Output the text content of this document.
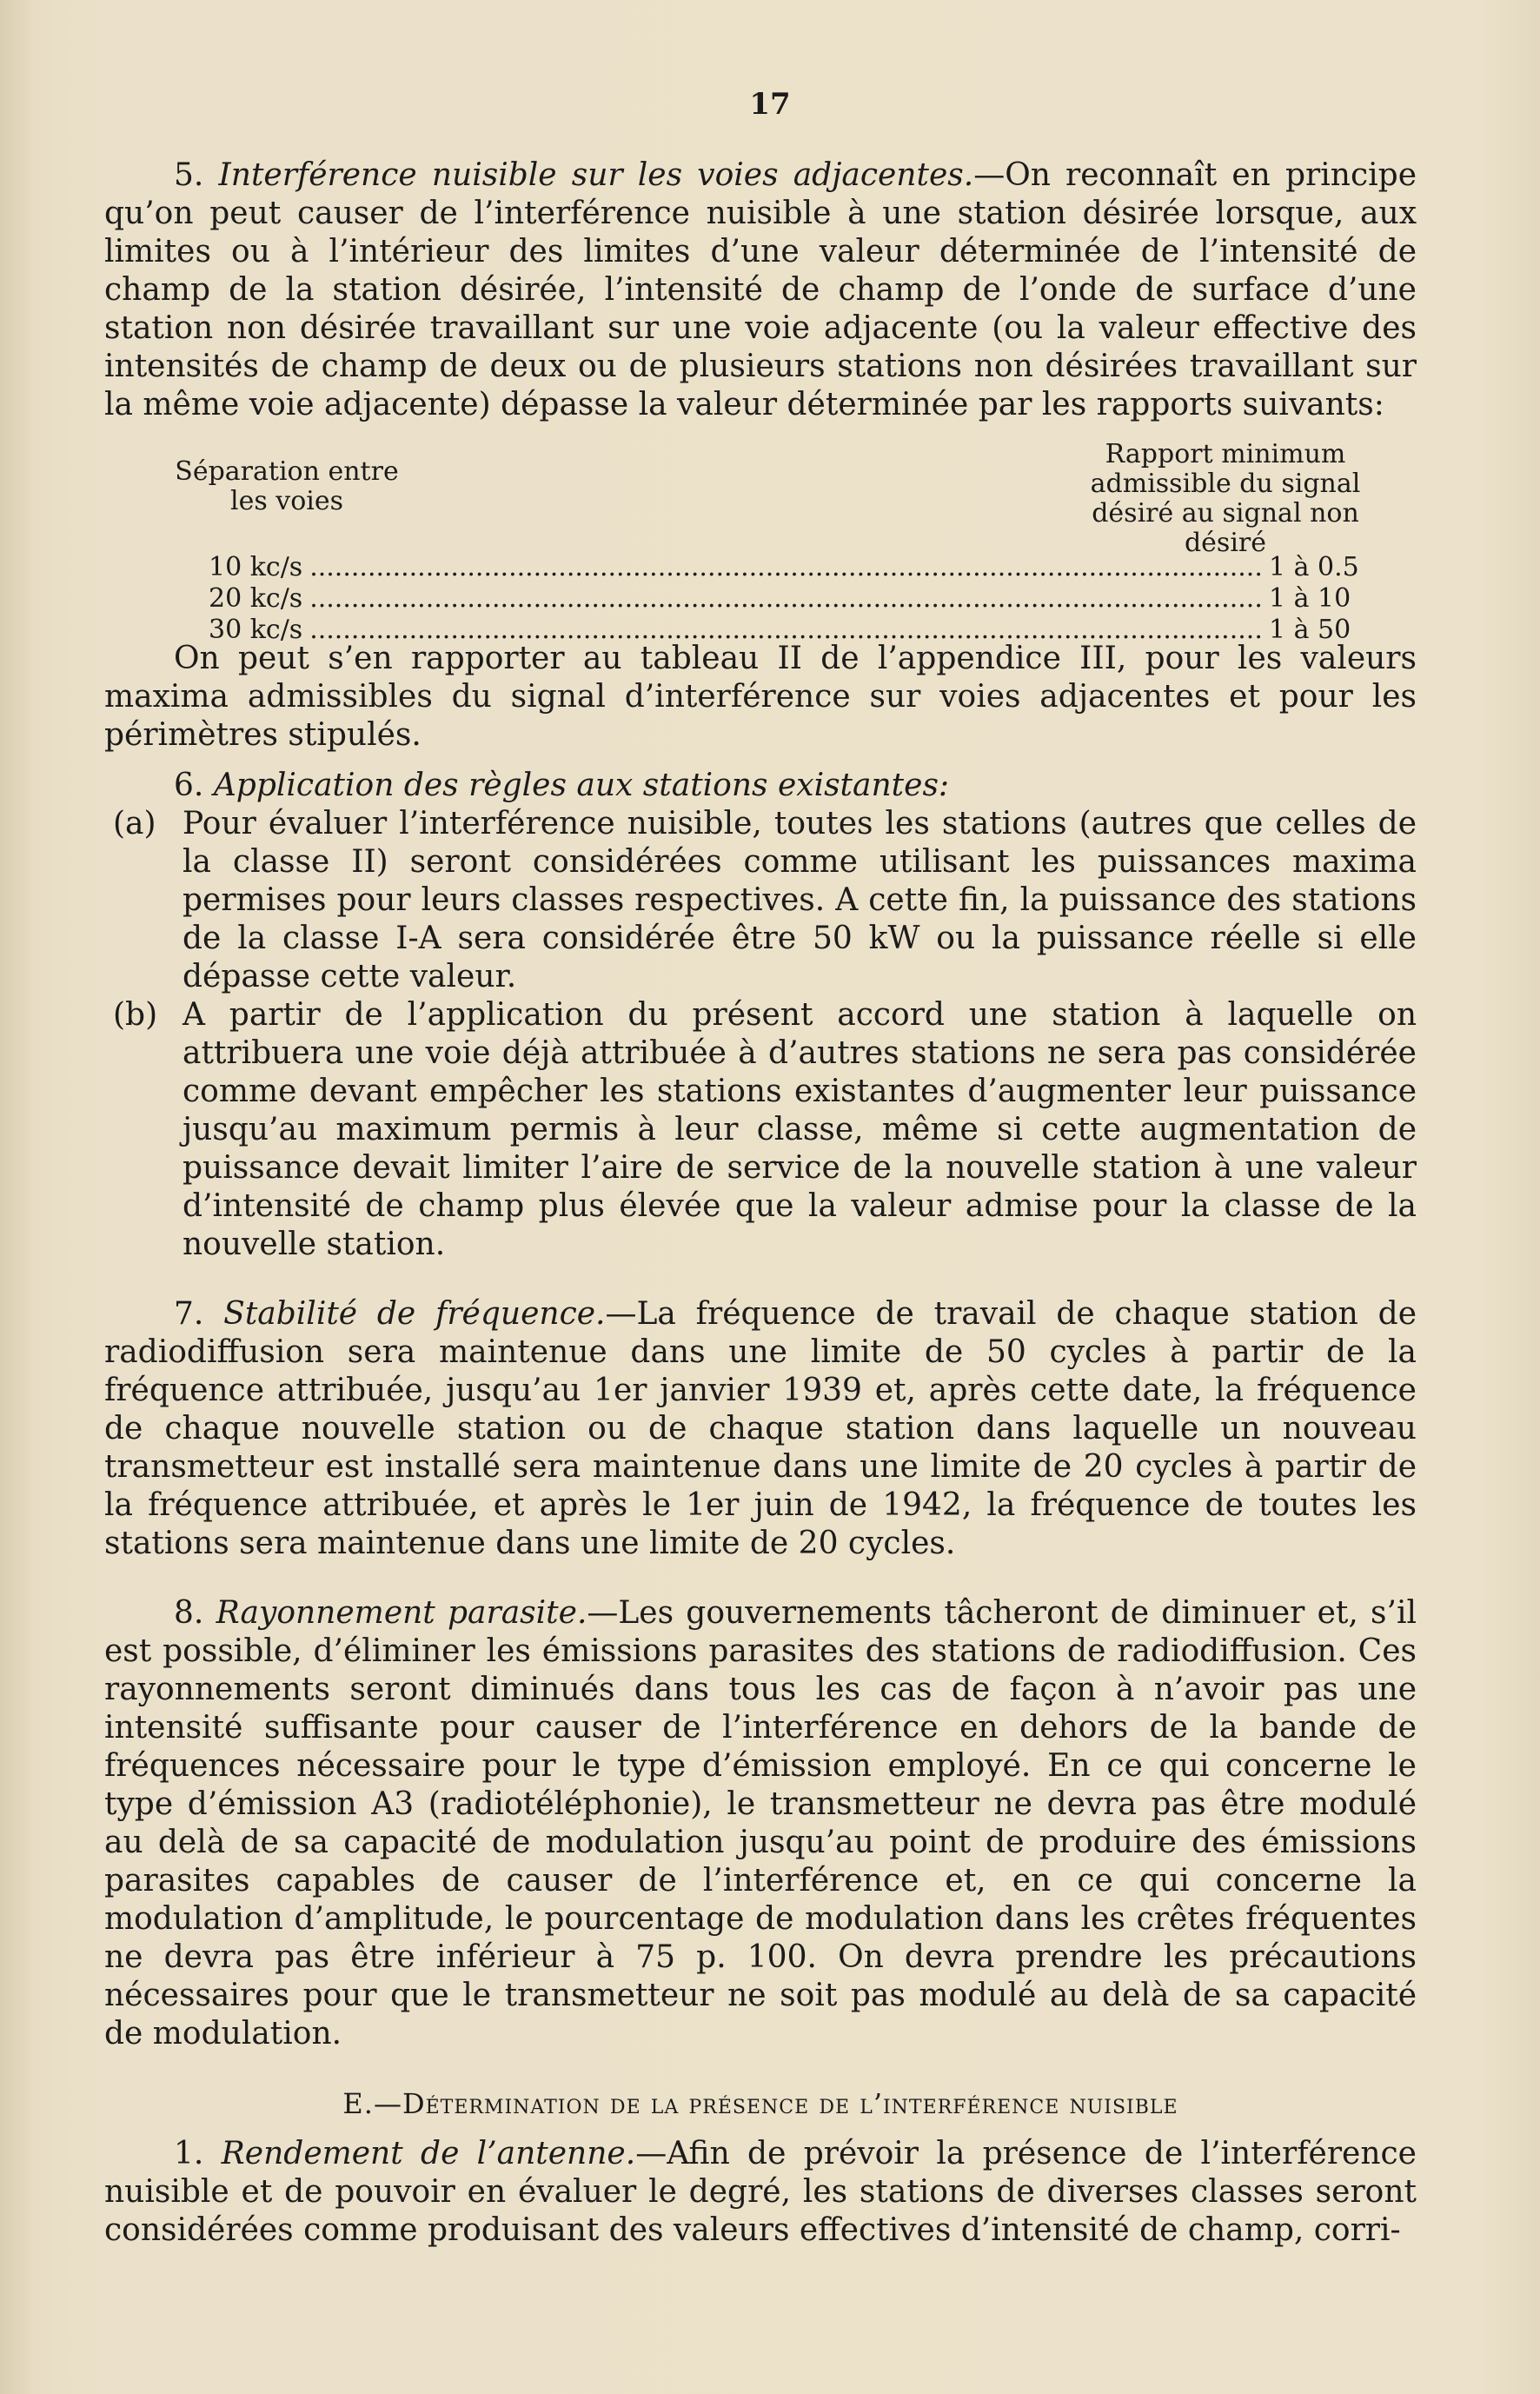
17

5. Interférence nuisible sur les voies adjacentes.—On reconnaît en principe qu’on peut causer de l’interférence nuisible à une station désirée lorsque, aux limites ou à l’intérieur des limites d’une valeur déterminée de l’intensité de champ de la station désirée, l’intensité de champ de l’onde de surface d’une station non désirée travaillant sur une voie adjacente (ou la valeur effective des intensités de champ de deux ou de plusieurs stations non désirées travaillant sur la même voie adjacente) dépasse la valeur déterminée par les rapports suivants:

Séparation entre
les voies
Rapport minimum
admissible du signal
désiré au signal non
désiré
10 kc/s .....	1 à 0.5
20 kc/s .....	1 à 10
30 kc/s .....	1 à 50

On peut s’en rapporter au tableau II de l’appendice III, pour les valeurs maxima admissibles du signal d’interférence sur voies adjacentes et pour les périmètres stipulés.

6. Application des règles aux stations existantes:

(a) Pour évaluer l’interférence nuisible, toutes les stations (autres que celles de la classe II) seront considérées comme utilisant les puissances maxima permises pour leurs classes respectives. A cette fin, la puissance des stations de la classe I-A sera considérée être 50 kW ou la puissance réelle si elle dépasse cette valeur.
(b) A partir de l’application du présent accord une station à laquelle on attribuera une voie déjà attribuée à d’autres stations ne sera pas considérée comme devant empêcher les stations existantes d’augmenter leur puissance jusqu’au maximum permis à leur classe, même si cette augmentation de puissance devait limiter l’aire de service de la nouvelle station à une valeur d’intensité de champ plus élevée que la valeur admise pour la classe de la nouvelle station.

7. Stabilité de fréquence.—La fréquence de travail de chaque station de radiodiffusion sera maintenue dans une limite de 50 cycles à partir de la fréquence attribuée, jusqu’au 1er janvier 1939 et, après cette date, la fréquence de chaque nouvelle station ou de chaque station dans laquelle un nouveau transmetteur est installé sera maintenue dans une limite de 20 cycles à partir de la fréquence attribuée, et après le 1er juin de 1942, la fréquence de toutes les stations sera maintenue dans une limite de 20 cycles.

8. Rayonnement parasite.—Les gouvernements tâcheront de diminuer et, s’il est possible, d’éliminer les émissions parasites des stations de radiodiffusion. Ces rayonnements seront diminués dans tous les cas de façon à n’avoir pas une intensité suffisante pour causer de l’interférence en dehors de la bande de fréquences nécessaire pour le type d’émission employé. En ce qui concerne le type d’émission A3 (radiotéléphonie), le transmetteur ne devra pas être modulé au delà de sa capacité de modulation jusqu’au point de produire des émissions parasites capables de causer de l’interférence et, en ce qui concerne la modulation d’amplitude, le pourcentage de modulation dans les crêtes fréquentes ne devra pas être inférieur à 75 p. 100. On devra prendre les précautions nécessaires pour que le transmetteur ne soit pas modulé au delà de sa capacité de modulation.

E.—Détermination de la présence de l’interférence nuisible

1. Rendement de l’antenne.—Afin de prévoir la présence de l’interférence nuisible et de pouvoir en évaluer le degré, les stations de diverses classes seront considérées comme produisant des valeurs effectives d’intensité de champ, corri-
